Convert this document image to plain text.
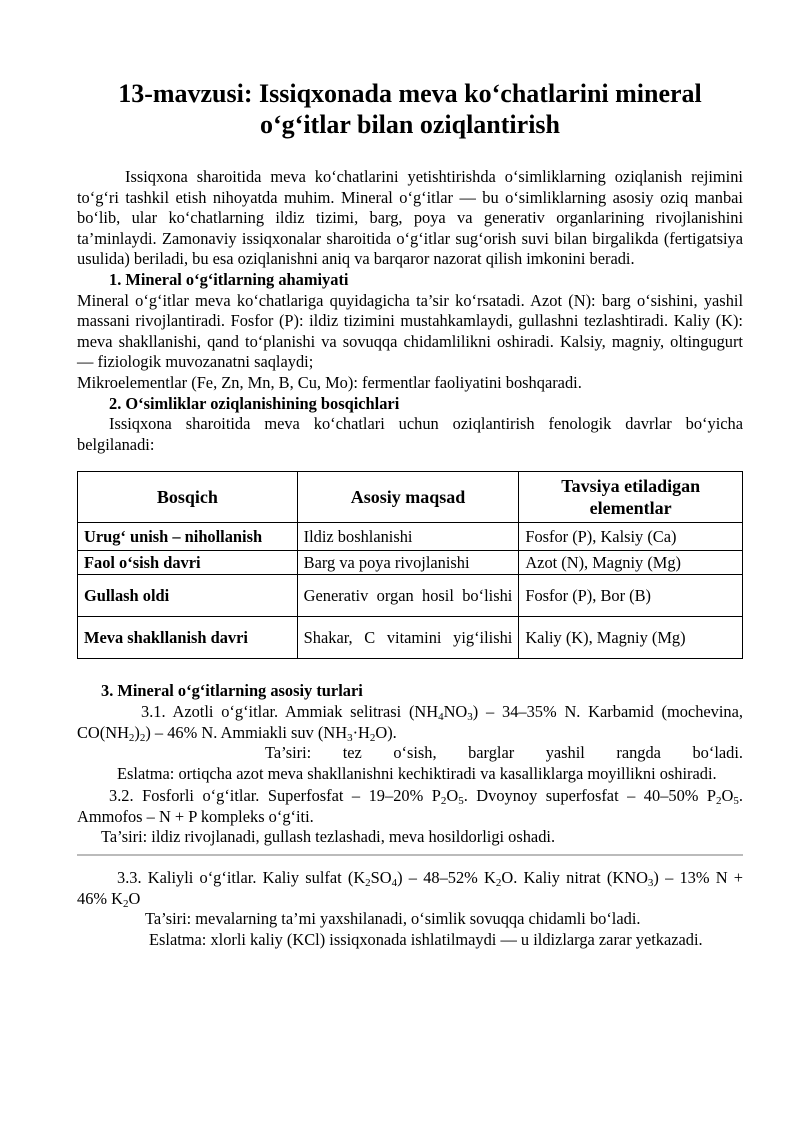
13-mavzusi: Issiqxonada meva ko‘chatlarini mineral
o‘g‘itlar bilan oziqlantirish

Issiqxona sharoitida meva ko‘chatlarini yetishtirishda o‘simliklarning oziqlanish rejimini to‘g‘ri tashkil etish nihoyatda muhim. Mineral o‘g‘itlar — bu o‘simliklarning asosiy oziq manbai bo‘lib, ular ko‘chatlarning ildiz tizimi, barg, poya va generativ organlarining rivojlanishini ta’minlaydi. Zamonaviy issiqxonalar sharoitida o‘g‘itlar sug‘orish suvi bilan birgalikda (fertigatsiya usulida) beriladi, bu esa oziqlanishni aniq va barqaror nazorat qilish imkonini beradi.

1. Mineral o‘g‘itlarning ahamiyati

Mineral o‘g‘itlar meva ko‘chatlariga quyidagicha ta’sir ko‘rsatadi. Azot (N): barg o‘sishini, yashil massani rivojlantiradi. Fosfor (P): ildiz tizimini mustahkamlaydi, gullashni tezlashtiradi. Kaliy (K): meva shakllanishi, qand to‘planishi va sovuqqa chidamlilikni oshiradi. Kalsiy, magniy, oltingugurt — fiziologik muvozanatni saqlaydi;

Mikroelementlar (Fe, Zn, Mn, B, Cu, Mo): fermentlar faoliyatini boshqaradi.

2. O‘simliklar oziqlanishining bosqichlari

Issiqxona sharoitida meva ko‘chatlari uchun oziqlantirish fenologik davrlar bo‘yicha belgilanadi:

Bosqich	Asosiy maqsad	Tavsiya etiladigan elementlar
Urug‘ unish – nihollanish	Ildiz boshlanishi	Fosfor (P), Kalsiy (Ca)
Faol o‘sish davri	Barg va poya rivojlanishi	Azot (N), Magniy (Mg)
Gullash oldi	Generativ organ hosil bo‘lishi	Fosfor (P), Bor (B)
Meva shakllanish davri	Shakar, C vitamini yig‘ilishi	Kaliy (K), Magniy (Mg)

3. Mineral o‘g‘itlarning asosiy turlari

3.1. Azotli o‘g‘itlar. Ammiak selitrasi $(NH_4NO_3) - 34-35\%$ N. Karbamid (mochevina, $CO(NH_2)_2) - 46\%$ N. Ammiakli suv $(NH_3\cdot H_2O)$.

Ta’siri: tez o‘sish, barglar yashil rangda bo‘ladi.

Eslatma: ortiqcha azot meva shakllanishni kechiktiradi va kasalliklarga moyillikni oshiradi.

3.2. Fosforli o‘g‘itlar. Superfosfat – 19–20% $P_2O_5$. Dvoynoy superfosfat – 40–50% $P_2O_5$. Ammofos – N + P kompleks o‘g‘iti.

Ta’siri: ildiz rivojlanadi, gullash tezlashadi, meva hosildorligi oshadi.

3.3. Kaliyli o‘g‘itlar. Kaliy sulfat $(K_2SO_4) - 48-52\%$ $K_2O$. Kaliy nitrat $(KNO_3) - 13\%$ N + 46% $K_2O$

Ta’siri: mevalarning ta’mi yaxshilanadi, o‘simlik sovuqqa chidamli bo‘ladi.

Eslatma: xlorli kaliy (KCl) issiqxonada ishlatilmaydi — u ildizlarga zarar yetkazadi.
